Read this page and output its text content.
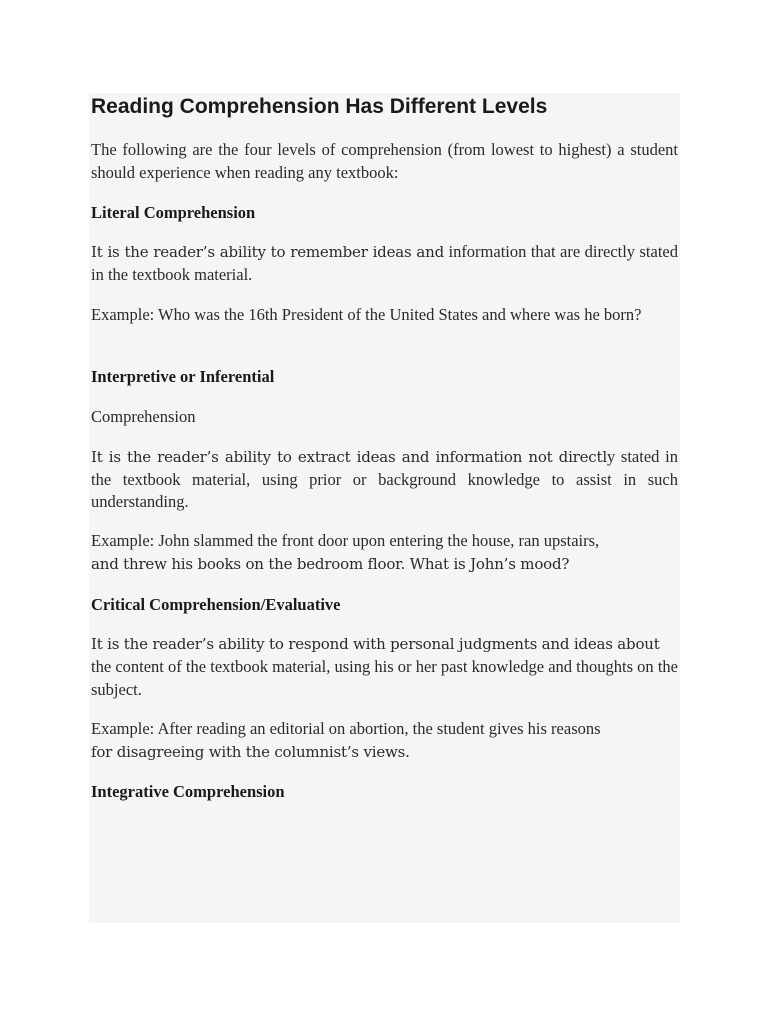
Reading Comprehension Has Different Levels

The following are the four levels of comprehension (from lowest to highest) a student should experience when reading any textbook:

Literal Comprehension

It is the reader’s ability to remember ideas and information that are directly stated in the textbook material.

Example: Who was the 16th President of the United States and where was he born?

Interpretive or Inferential

Comprehension

It is the reader’s ability to extract ideas and information not directly stated in the textbook material, using prior or background knowledge to assist in such understanding.

Example: John slammed the front door upon entering the house, ran upstairs,

and threw his books on the bedroom floor. What is John’s mood?

Critical Comprehension/Evaluative

It is the reader’s ability to respond with personal judgments and ideas about

the content of the textbook material, using his or her past knowledge and thoughts on the subject.

Example: After reading an editorial on abortion, the student gives his reasons

for disagreeing with the columnist’s views.

Integrative Comprehension
